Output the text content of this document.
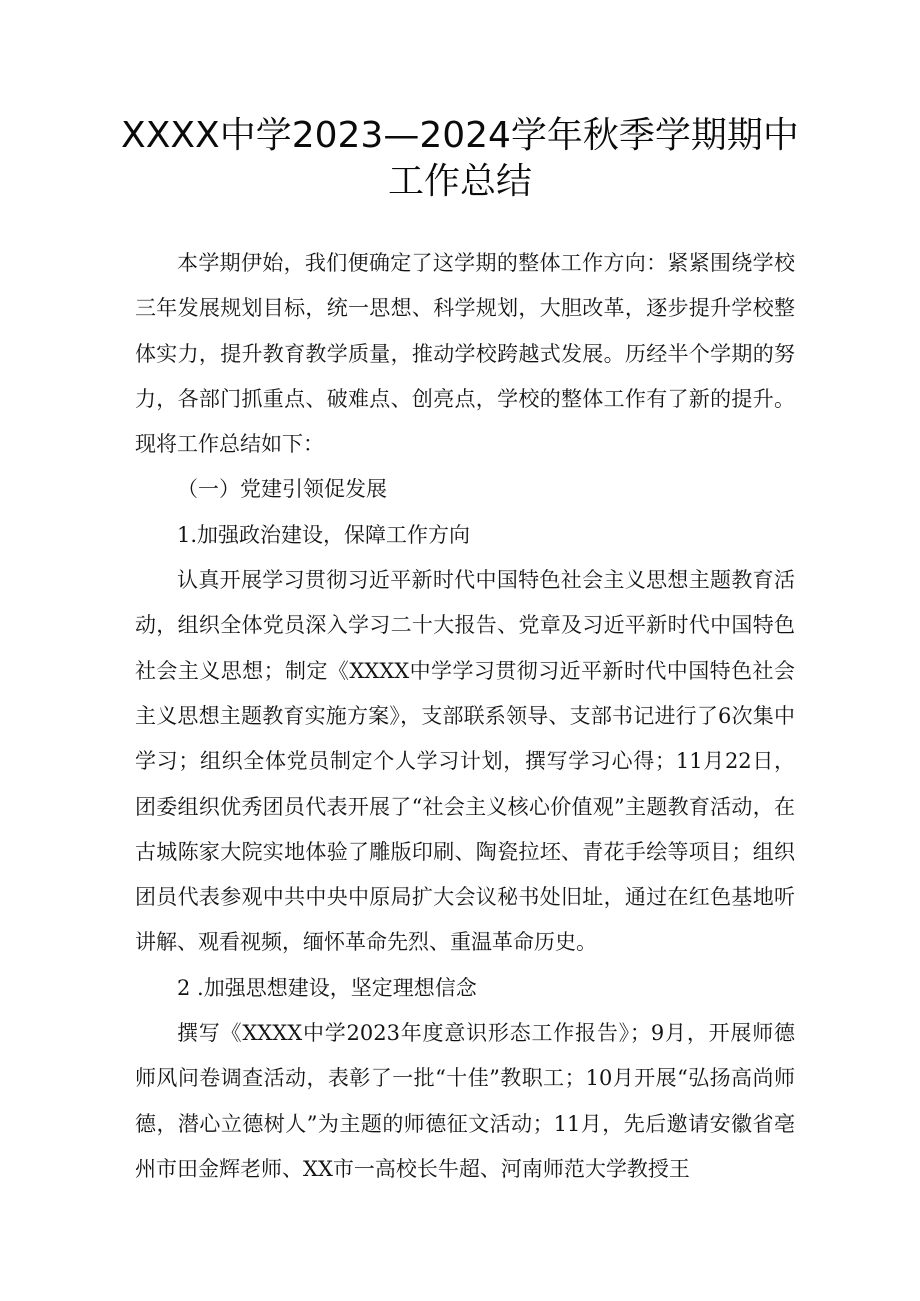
XXXX中学2023—2024学年秋季学期期中
工作总结

本学期伊始，我们便确定了这学期的整体工作方向：紧紧围绕学校三年发展规划目标，统一思想、科学规划，大胆改革，逐步提升学校整体实力，提升教育教学质量，推动学校跨越式发展。历经半个学期的努力，各部门抓重点、破难点、创亮点，学校的整体工作有了新的提升。现将工作总结如下：

（一）党建引领促发展

1.加强政治建设，保障工作方向

认真开展学习贯彻习近平新时代中国特色社会主义思想主题教育活动，组织全体党员深入学习二十大报告、党章及习近平新时代中国特色社会主义思想；制定《XXXX中学学习贯彻习近平新时代中国特色社会主义思想主题教育实施方案》，支部联系领导、支部书记进行了6次集中学习；组织全体党员制定个人学习计划，撰写学习心得；11月22日，团委组织优秀团员代表开展了“社会主义核心价值观”主题教育活动，在古城陈家大院实地体验了雕版印刷、陶瓷拉坯、青花手绘等项目；组织团员代表参观中共中央中原局扩大会议秘书处旧址，通过在红色基地听讲解、观看视频，缅怀革命先烈、重温革命历史。

2 .加强思想建设，坚定理想信念

撰写《XXXX中学2023年度意识形态工作报告》；9月，开展师德师风问卷调查活动，表彰了一批“十佳”教职工；10月开展“弘扬高尚师德，潜心立德树人”为主题的师德征文活动；11月，先后邀请安徽省亳州市田金辉老师、XX市一高校长牛超、河南师范大学教授王
